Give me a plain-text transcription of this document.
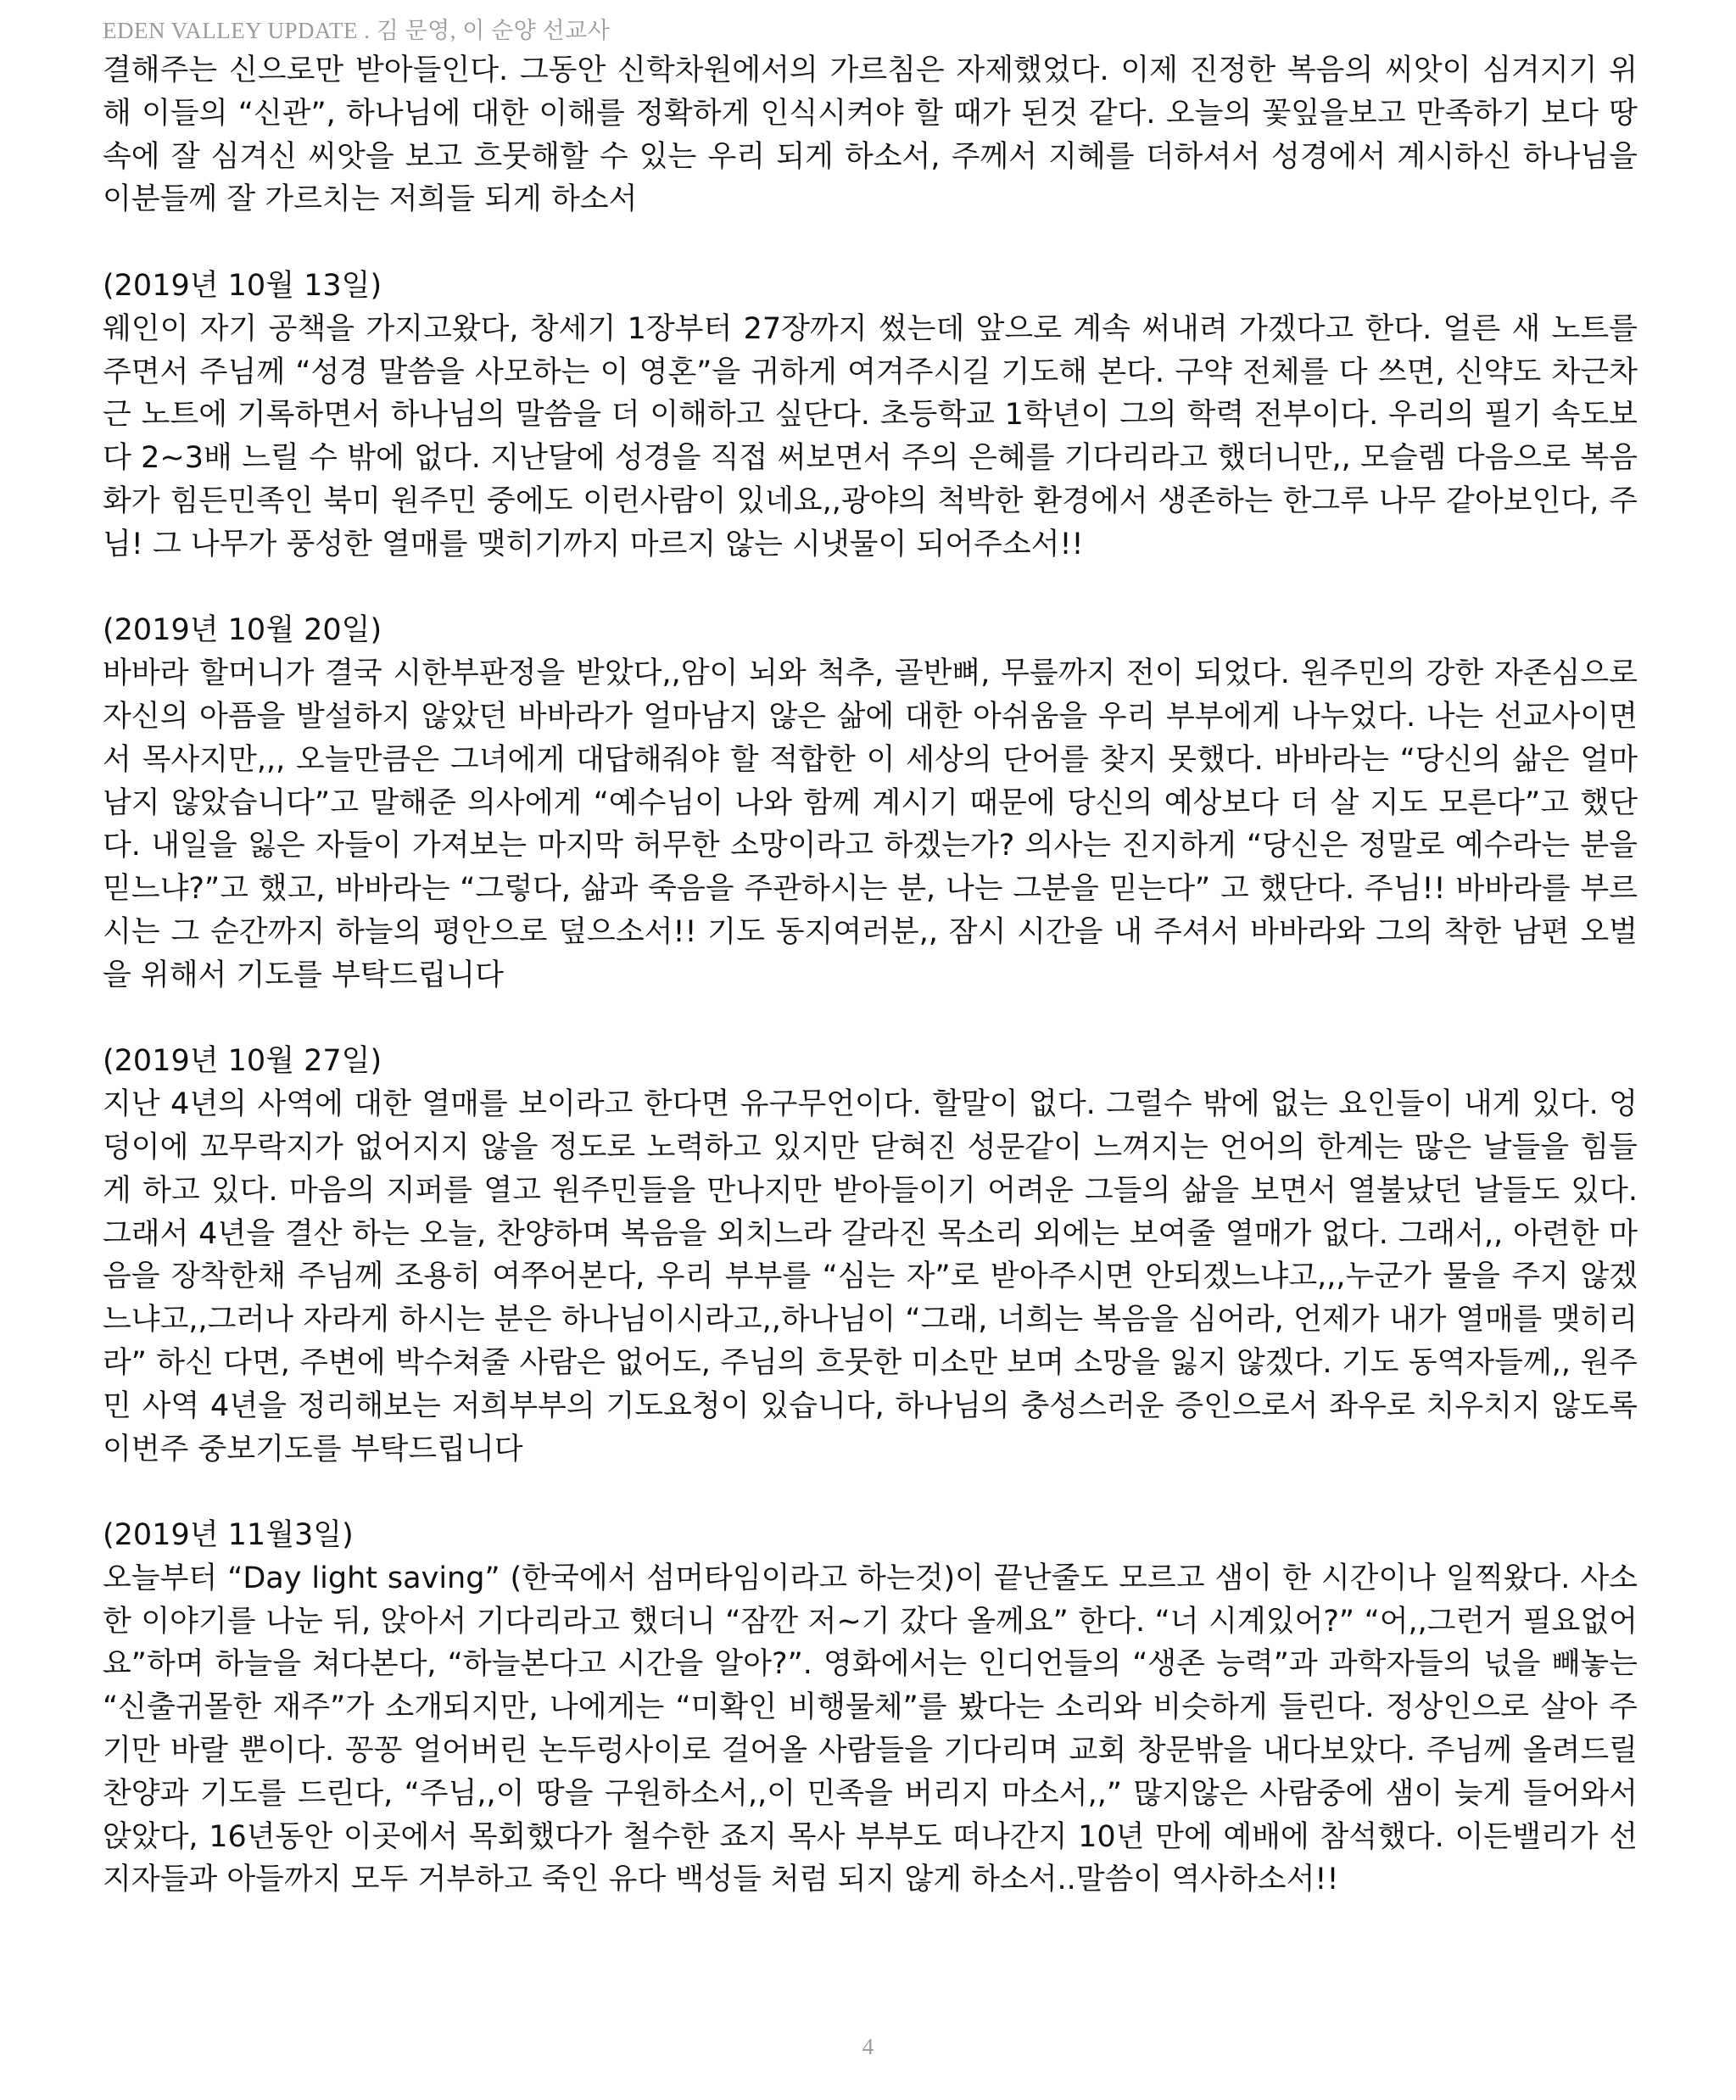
EDEN VALLEY UPDATE . 김 문영, 이 순양 선교사

결해주는 신으로만 받아들인다. 그동안 신학차원에서의 가르침은 자제했었다. 이제 진정한 복음의 씨앗이 심겨지기 위해 이들의 “신관”, 하나님에 대한 이해를 정확하게 인식시켜야 할 때가 된것 같다. 오늘의 꽃잎을보고 만족하기 보다 땅속에 잘 심겨신 씨앗을 보고 흐뭇해할 수 있는 우리 되게 하소서, 주께서 지혜를 더하셔서 성경에서 계시하신 하나님을 이분들께 잘 가르치는 저희들 되게 하소서

(2019년 10월 13일)
웨인이 자기 공책을 가지고왔다, 창세기 1장부터 27장까지 썼는데 앞으로 계속 써내려 가겠다고 한다. 얼른 새 노트를 주면서 주님께 “성경 말씀을 사모하는 이 영혼”을 귀하게 여겨주시길 기도해 본다. 구약 전체를 다 쓰면, 신약도 차근차근 노트에 기록하면서 하나님의 말씀을 더 이해하고 싶단다. 초등학교 1학년이 그의 학력 전부이다. 우리의 필기 속도보다 2~3배 느릴 수 밖에 없다. 지난달에 성경을 직접 써보면서 주의 은혜를 기다리라고 했더니만,, 모슬렘 다음으로 복음화가 힘든민족인 북미 원주민 중에도 이런사람이 있네요,,광야의 척박한 환경에서 생존하는 한그루 나무 같아보인다, 주님! 그 나무가 풍성한 열매를 맺히기까지 마르지 않는 시냇물이 되어주소서!!

(2019년 10월 20일)
바바라 할머니가 결국 시한부판정을 받았다,,암이 뇌와 척추, 골반뼈, 무릎까지 전이 되었다. 원주민의 강한 자존심으로 자신의 아픔을 발설하지 않았던 바바라가 얼마남지 않은 삶에 대한 아쉬움을 우리 부부에게 나누었다. 나는 선교사이면서 목사지만,,, 오늘만큼은 그녀에게 대답해줘야 할 적합한 이 세상의 단어를 찾지 못했다. 바바라는 “당신의 삶은 얼마 남지 않았습니다”고 말해준 의사에게 “예수님이 나와 함께 계시기 때문에 당신의 예상보다 더 살 지도 모른다”고 했단다. 내일을 잃은 자들이 가져보는 마지막 허무한 소망이라고 하겠는가? 의사는 진지하게 “당신은 정말로 예수라는 분을 믿느냐?”고 했고, 바바라는 “그렇다, 삶과 죽음을 주관하시는 분, 나는 그분을 믿는다” 고 했단다. 주님!! 바바라를 부르시는 그 순간까지 하늘의 평안으로 덮으소서!! 기도 동지여러분,, 잠시 시간을 내 주셔서 바바라와 그의 착한 남편 오벌을 위해서 기도를 부탁드립니다

(2019년 10월 27일)
지난 4년의 사역에 대한 열매를 보이라고 한다면 유구무언이다. 할말이 없다. 그럴수 밖에 없는 요인들이 내게 있다. 엉덩이에 꼬무락지가 없어지지 않을 정도로 노력하고 있지만 닫혀진 성문같이 느껴지는 언어의 한계는 많은 날들을 힘들게 하고 있다. 마음의 지퍼를 열고 원주민들을 만나지만 받아들이기 어려운 그들의 삶을 보면서 열불났던 날들도 있다. 그래서 4년을 결산 하는 오늘, 찬양하며 복음을 외치느라 갈라진 목소리 외에는 보여줄 열매가 없다. 그래서,, 아련한 마음을 장착한채 주님께 조용히 여쭈어본다, 우리 부부를 “심는 자”로 받아주시면 안되겠느냐고,,,누군가 물을 주지 않겠느냐고,,그러나 자라게 하시는 분은 하나님이시라고,,하나님이 “그래, 너희는 복음을 심어라, 언제가 내가 열매를 맺히리라” 하신 다면, 주변에 박수쳐줄 사람은 없어도, 주님의 흐뭇한 미소만 보며 소망을 잃지 않겠다. 기도 동역자들께,, 원주민 사역 4년을 정리해보는 저희부부의 기도요청이 있습니다, 하나님의 충성스러운 증인으로서 좌우로 치우치지 않도록 이번주 중보기도를 부탁드립니다

(2019년 11월3일)
오늘부터 “Day light saving” (한국에서 섬머타임이라고 하는것)이 끝난줄도 모르고 샘이 한 시간이나 일찍왔다. 사소한 이야기를 나눈 뒤, 앉아서 기다리라고 했더니 “잠깐 저~기 갔다 올께요” 한다. “너 시계있어?” “어,,그런거 필요없어요”하며 하늘을 쳐다본다, “하늘본다고 시간을 알아?”. 영화에서는 인디언들의 “생존 능력”과 과학자들의 넋을 빼놓는 “신출귀몰한 재주”가 소개되지만, 나에게는 “미확인 비행물체”를 봤다는 소리와 비슷하게 들린다. 정상인으로 살아 주기만 바랄 뿐이다. 꽁꽁 얼어버린 논두렁사이로 걸어올 사람들을 기다리며 교회 창문밖을 내다보았다. 주님께 올려드릴 찬양과 기도를 드린다, “주님,,이 땅을 구원하소서,,이 민족을 버리지 마소서,,” 많지않은 사람중에 샘이 늦게 들어와서 앉았다, 16년동안 이곳에서 목회했다가 철수한 죠지 목사 부부도 떠나간지 10년 만에 예배에 참석했다. 이든밸리가 선지자들과 아들까지 모두 거부하고 죽인 유다 백성들 처럼 되지 않게 하소서..말씀이 역사하소서!!

4
